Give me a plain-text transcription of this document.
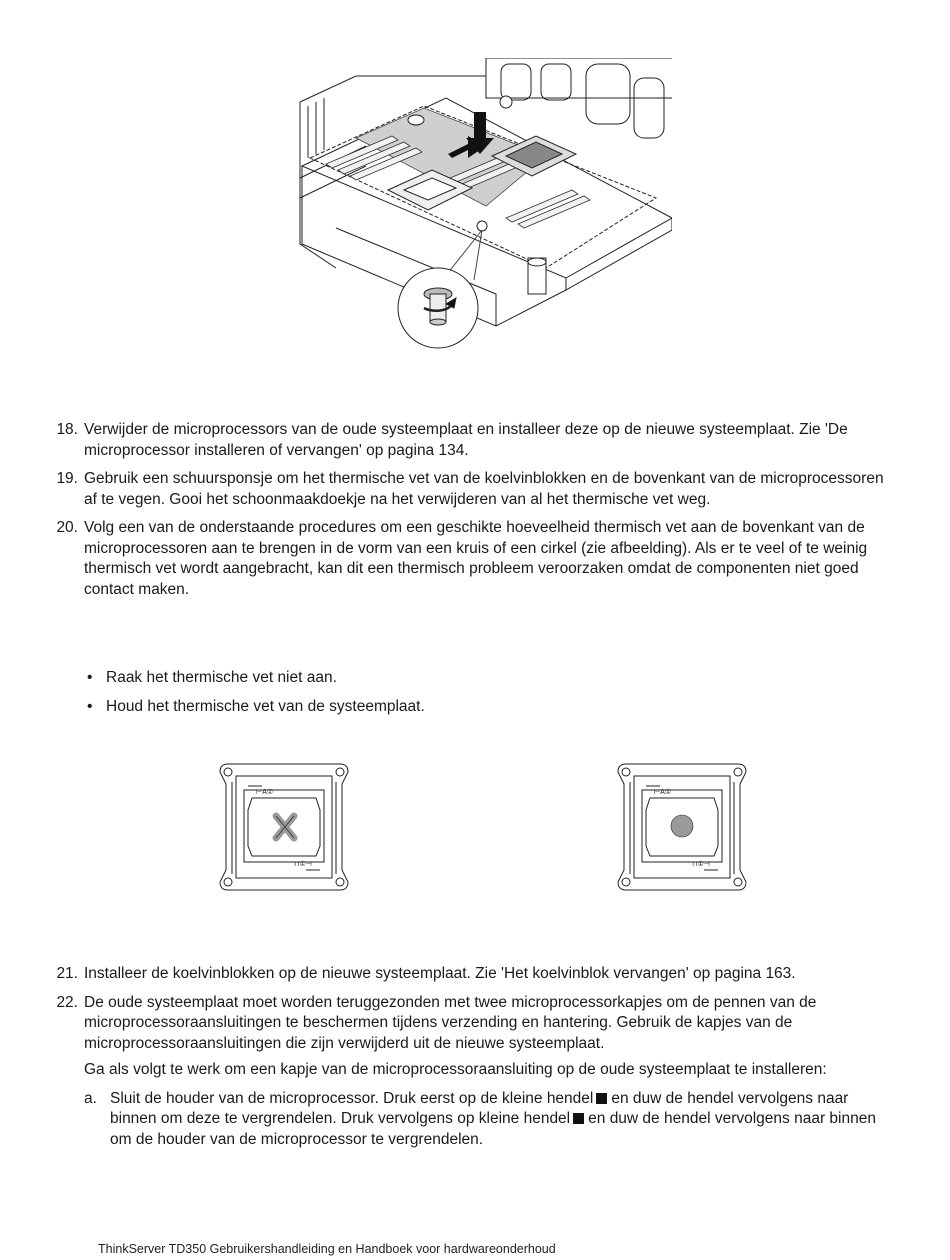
18. Verwijder de microprocessors van de oude systeemplaat en installeer deze op de nieuwe systeemplaat. Zie 'De microprocessor installeren of vervangen' op pagina 134.
19. Gebruik een schuursponsje om het thermische vet van de koelvinblokken en de bovenkant van de microprocessoren af te vegen. Gooi het schoonmaakdoekje na het verwijderen van al het thermische vet weg.
20. Volg een van de onderstaande procedures om een geschikte hoeveelheid thermisch vet aan de bovenkant van de microprocessoren aan te brengen in de vorm van een kruis of een cirkel (zie afbeelding). Als er te veel of te weinig thermisch vet wordt aangebracht, kan dit een thermisch probleem veroorzaken omdat de componenten niet goed contact maken.
• Raak het thermische vet niet aan.
• Houd het thermische vet van de systeemplaat.
⊢A①
⊓①⊣
⊢A①
⊓①⊣
21. Installeer de koelvinblokken op de nieuwe systeemplaat. Zie 'Het koelvinblok vervangen' op pagina 163.
22. De oude systeemplaat moet worden teruggezonden met twee microprocessorkapjes om de pennen van de microprocessoraansluitingen te beschermen tijdens verzending en hantering. Gebruik de kapjes van de microprocessoraansluitingen die zijn verwijderd uit de nieuwe systeemplaat.
Ga als volgt te werk om een kapje van de microprocessoraansluiting op de oude systeemplaat te installeren:
a. Sluit de houder van de microprocessor. Druk eerst op de kleine hendel en duw de hendel vervolgens naar binnen om deze te vergrendelen. Druk vervolgens op kleine hendel en duw de hendel vervolgens naar binnen om de houder van de microprocessor te vergrendelen.
ThinkServer TD350 Gebruikershandleiding en Handboek voor hardwareonderhoud
